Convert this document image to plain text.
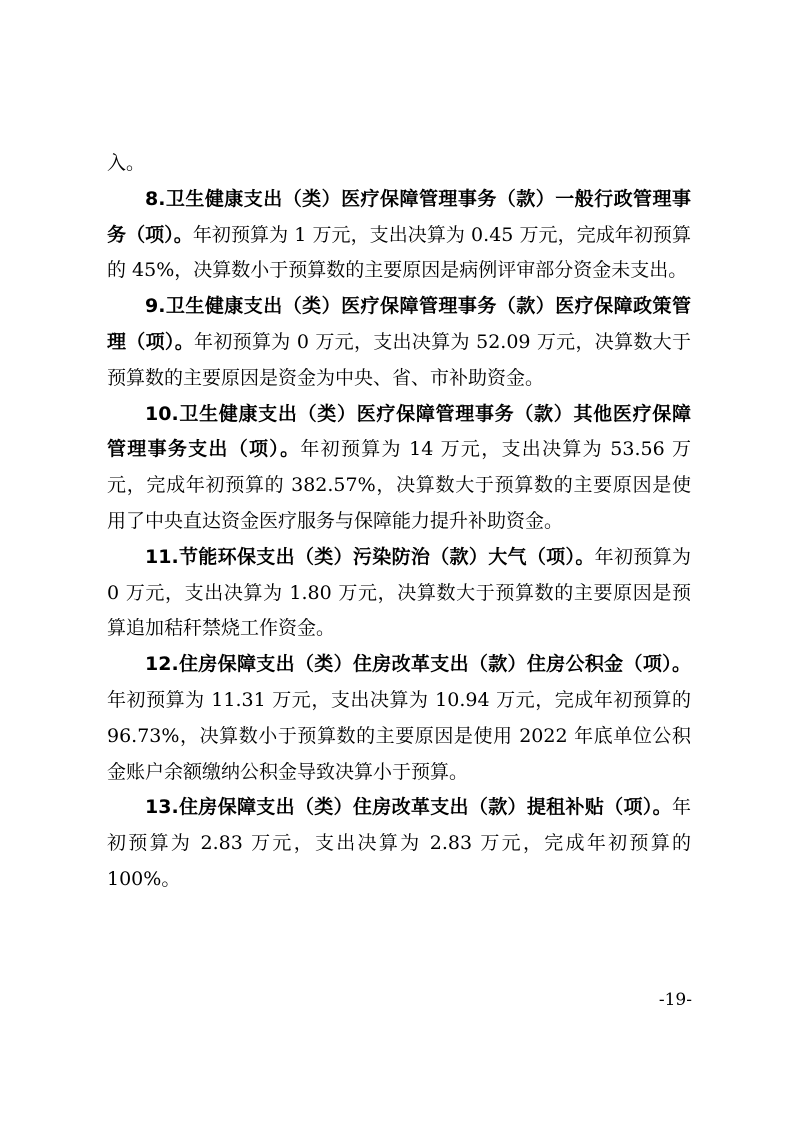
入。

8.卫生健康支出（类）医疗保障管理事务（款）一般行政管理事务（项）。年初预算为 1 万元，支出决算为 0.45 万元，完成年初预算的 45%，决算数小于预算数的主要原因是病例评审部分资金未支出。

9.卫生健康支出（类）医疗保障管理事务（款）医疗保障政策管理（项）。年初预算为 0 万元，支出决算为 52.09 万元，决算数大于预算数的主要原因是资金为中央、省、市补助资金。

10.卫生健康支出（类）医疗保障管理事务（款）其他医疗保障管理事务支出（项）。年初预算为 14 万元，支出决算为 53.56 万元，完成年初预算的 382.57%，决算数大于预算数的主要原因是使用了中央直达资金医疗服务与保障能力提升补助资金。

11.节能环保支出（类）污染防治（款）大气（项）。年初预算为 0 万元，支出决算为 1.80 万元，决算数大于预算数的主要原因是预算追加秸秆禁烧工作资金。

12.住房保障支出（类）住房改革支出（款）住房公积金（项）。年初预算为 11.31 万元，支出决算为 10.94 万元，完成年初预算的 96.73%，决算数小于预算数的主要原因是使用 2022 年底单位公积金账户余额缴纳公积金导致决算小于预算。

13.住房保障支出（类）住房改革支出（款）提租补贴（项）。年初预算为 2.83 万元，支出决算为 2.83 万元，完成年初预算的 100%。

-19-
